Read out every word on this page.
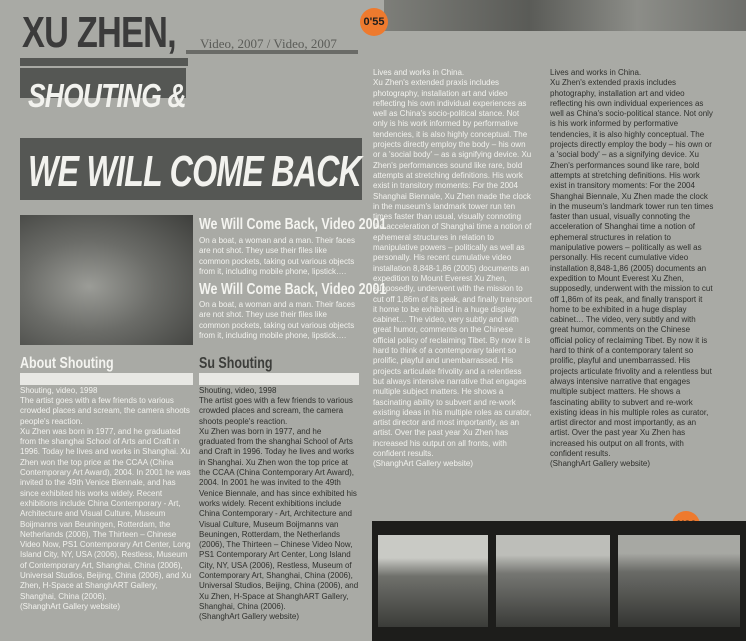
XU ZHEN,
SHOUTING &
WE WILL COME BACK
Video, 2007 / Video, 2007
0'55
We Will Come Back, Video 2001
On a boat, a woman and a man. Their faces are not shot. They use their files like common pockets, taking out various objects from it, including mobile phone, lipstick….
We Will Come Back, Video 2001
On a boat, a woman and a man. Their faces are not shot. They use their files like common pockets, taking out various objects from it, including mobile phone, lipstick….
About Shouting
Shouting, video, 1998
The artist goes with a few friends to various crowded places and scream, the camera shoots people's reaction.
Xu Zhen was born in 1977, and he graduated from the shanghai School of Arts and Craft in 1996. Today he lives and works in Shanghai. Xu Zhen won the top price at the CCAA (China Contemporary Art Award), 2004. In 2001 he was invited to the 49th Venice Biennale, and has since exhibited his works widely. Recent exhibitions include China Contemporary - Art, Architecture and Visual Culture, Museum Boijmanns van Beuningen, Rotterdam, the Netherlands (2006), The Thirteen – Chinese Video Now, PS1 Contemporary Art Center, Long Island City, NY, USA (2006), Restless, Museum of Contemporary Art, Shanghai, China (2006), Universal Studios, Beijing, China (2006), and Xu Zhen, H-Space at ShanghART Gallery, Shanghai, China (2006).
(ShanghArt Gallery website)
Su Shouting
Shouting, video, 1998
The artist goes with a few friends to various crowded places and scream, the camera shoots people's reaction.
Xu Zhen was born in 1977, and he graduated from the shanghai School of Arts and Craft in 1996. Today he lives and works in Shanghai. Xu Zhen won the top price at the CCAA (China Contemporary Art Award), 2004. In 2001 he was invited to the 49th Venice Biennale, and has since exhibited his works widely. Recent exhibitions include China Contemporary - Art, Architecture and Visual Culture, Museum Boijmanns van Beuningen, Rotterdam, the Netherlands (2006), The Thirteen – Chinese Video Now, PS1 Contemporary Art Center, Long Island City, NY, USA (2006), Restless, Museum of Contemporary Art, Shanghai, China (2006), Universal Studios, Beijing, China (2006), and Xu Zhen, H-Space at ShanghART Gallery, Shanghai, China (2006).
(ShanghArt Gallery website)
Lives and works in China.
Xu Zhen's extended praxis includes photography, installation art and video reflecting his own individual experiences as well as China's socio-political stance. Not only is his work informed by performative tendencies, it is also highly conceptual. The projects directly employ the body – his own or a 'social body' – as a signifying device. Xu Zhen's performances sound like rare, bold attempts at stretching definitions. His work exist in transitory moments: For the 2004 Shanghai Biennale, Xu Zhen made the clock in the museum's landmark tower run ten times faster than usual, visually connoting the acceleration of Shanghai time a notion of ephemeral structures in relation to manipulative powers – politically as well as personally. His recent cumulative video installation 8,848-1,86 (2005) documents an expedition to Mount Everest Xu Zhen, supposedly, underwent with the mission to cut off 1,86m of its peak, and finally transport it home to be exhibited in a huge display cabinet… The video, very subtly and with great humor, comments on the Chinese official policy of reclaiming Tibet. By now it is hard to think of a contemporary talent so prolific, playful and unembarrassed. His projects articulate frivolity and a relentless but always intensive narrative that engages multiple subject matters. He shows a fascinating ability to subvert and re-work existing ideas in his multiple roles as curator, artist director and most importantly, as an artist. Over the past year Xu Zhen has increased his output on all fronts, with confident results.
(ShanghArt Gallery website)
Lives and works in China.
Xu Zhen's extended praxis includes photography, installation art and video reflecting his own individual experiences as well as China's socio-political stance. Not only is his work informed by performative tendencies, it is also highly conceptual. The projects directly employ the body – his own or a 'social body' – as a signifying device. Xu Zhen's performances sound like rare, bold attempts at stretching definitions. His work exist in transitory moments: For the 2004 Shanghai Biennale, Xu Zhen made the clock in the museum's landmark tower run ten times faster than usual, visually connoting the acceleration of Shanghai time a notion of ephemeral structures in relation to manipulative powers – politically as well as personally. His recent cumulative video installation 8,848-1,86 (2005) documents an expedition to Mount Everest Xu Zhen, supposedly, underwent with the mission to cut off 1,86m of its peak, and finally transport it home to be exhibited in a huge display cabinet… The video, very subtly and with great humor, comments on the Chinese official policy of reclaiming Tibet. By now it is hard to think of a contemporary talent so prolific, playful and unembarrassed. His projects articulate frivolity and a relentless but always intensive narrative that engages multiple subject matters. He shows a fascinating ability to subvert and re-work existing ideas in his multiple roles as curator, artist director and most importantly, as an artist. Over the past year Xu Zhen has increased his output on all fronts, with confident results.
(ShanghArt Gallery website)
